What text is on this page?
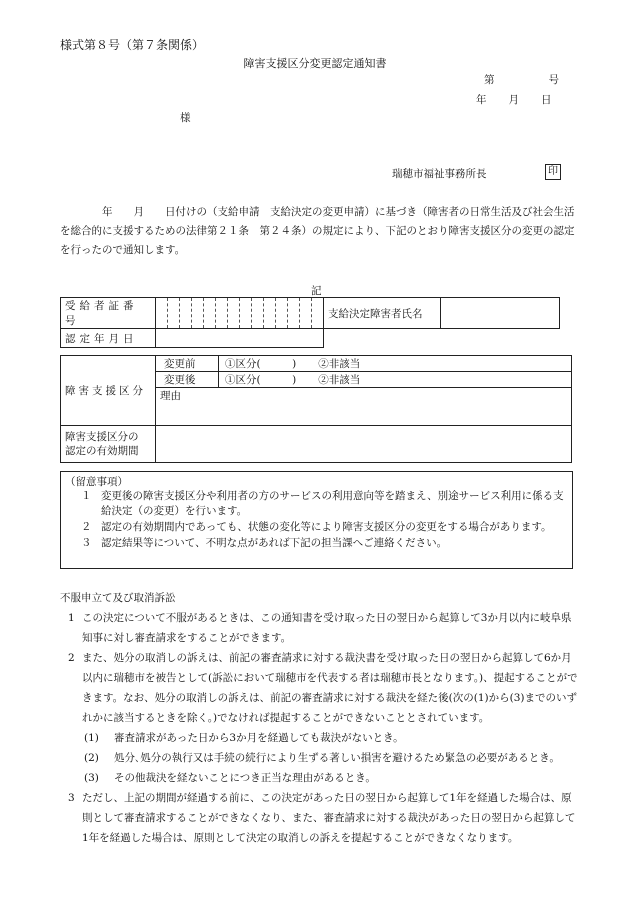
様式第８号（第７条関係）
障害支援区分変更認定通知書
第	号
年 月 日
様
瑞穂市福祉事務所長	印

年　　月　　日付けの（支給申請　支給決定の変更申請）に基づき（障害者の日常生活及び社会生活を総合的に支援するための法律第２１条　第２４条）の規定により、下記のとおり障害支援区分の変更の認定を行ったので通知します。

記
受給者証番号															支給決定障害者氏名	
認定年月日																
障害支援区分	変更前	①区分(　　　) ②非該当
	変更後	①区分(　　　) ②非該当
	理由	
障害支援区分の
認定の有効期間		
（留意事項）
１ 変更後の障害支援区分や利用者の方のサービスの利用意向等を踏まえ、別途サービス利用に係る支給決定（の変更）を行います。
２ 認定の有効期間内であっても、状態の変化等により障害支援区分の変更をする場合があります。
３ 認定結果等について、不明な点があれば下記の担当課へご連絡ください。
不服申立て及び取消訴訟
1 この決定について不服があるときは、この通知書を受け取った日の翌日から起算して3か月以内に岐阜県知事に対し審査請求をすることができます。
2 また、処分の取消しの訴えは、前記の審査請求に対する裁決書を受け取った日の翌日から起算して6か月以内に瑞穂市を被告として(訴訟において瑞穂市を代表する者は瑞穂市長となります。)、提起することができます。なお、処分の取消しの訴えは、前記の審査請求に対する裁決を経た後(次の(1)から(3)までのいずれかに該当するときを除く。)でなければ提起することができないこととされています。
(1) 審査請求があった日から3か月を経過しても裁決がないとき。
(2) 処分､処分の執行又は手続の続行により生ずる著しい損害を避けるため緊急の必要があるとき。
(3) その他裁決を経ないことにつき正当な理由があるとき。
3 ただし、上記の期間が経過する前に、この決定があった日の翌日から起算して1年を経過した場合は、原則として審査請求することができなくなり、また、審査請求に対する裁決があった日の翌日から起算して1年を経過した場合は、原則として決定の取消しの訴えを提起することができなくなります。
